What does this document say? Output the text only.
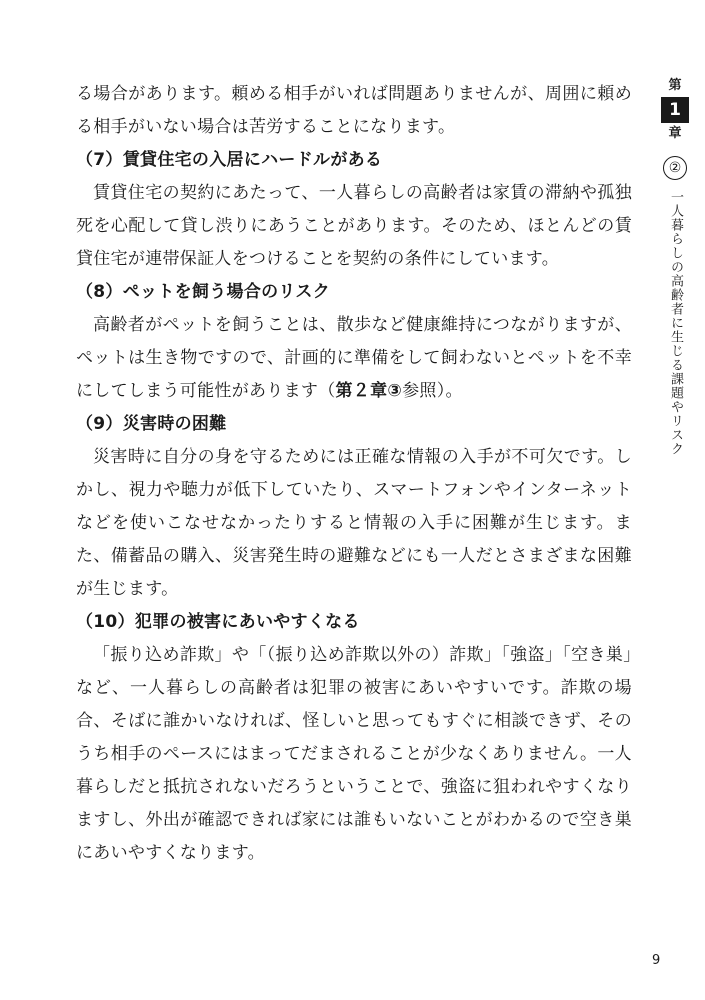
る場合があります。頼める相手がいれば問題ありませんが、周囲に頼める相手がいない場合は苦労することになります。

（7）賃貸住宅の入居にハードルがある

賃貸住宅の契約にあたって、一人暮らしの高齢者は家賃の滞納や孤独死を心配して貸し渋りにあうことがあります。そのため、ほとんどの賃貸住宅が連帯保証人をつけることを契約の条件にしています。

（8）ペットを飼う場合のリスク

高齢者がペットを飼うことは、散歩など健康維持につながりますが、ペットは生き物ですので、計画的に準備をして飼わないとペットを不幸にしてしまう可能性があります（第２章③参照）。

（9）災害時の困難

災害時に自分の身を守るためには正確な情報の入手が不可欠です。しかし、視力や聴力が低下していたり、スマートフォンやインターネットなどを使いこなせなかったりすると情報の入手に困難が生じます。また、備蓄品の購入、災害発生時の避難などにも一人だとさまざまな困難が生じます。

（10）犯罪の被害にあいやすくなる

「振り込め詐欺」や「（振り込め詐欺以外の）詐欺」「強盗」「空き巣」など、一人暮らしの高齢者は犯罪の被害にあいやすいです。詐欺の場合、そばに誰かいなければ、怪しいと思ってもすぐに相談できず、そのうち相手のペースにはまってだまされることが少なくありません。一人暮らしだと抵抗されないだろうということで、強盗に狙われやすくなりますし、外出が確認できれば家には誰もいないことがわかるので空き巣にあいやすくなります。

第
1
章
②
一人暮らしの高齢者に生じる課題やリスク
9
